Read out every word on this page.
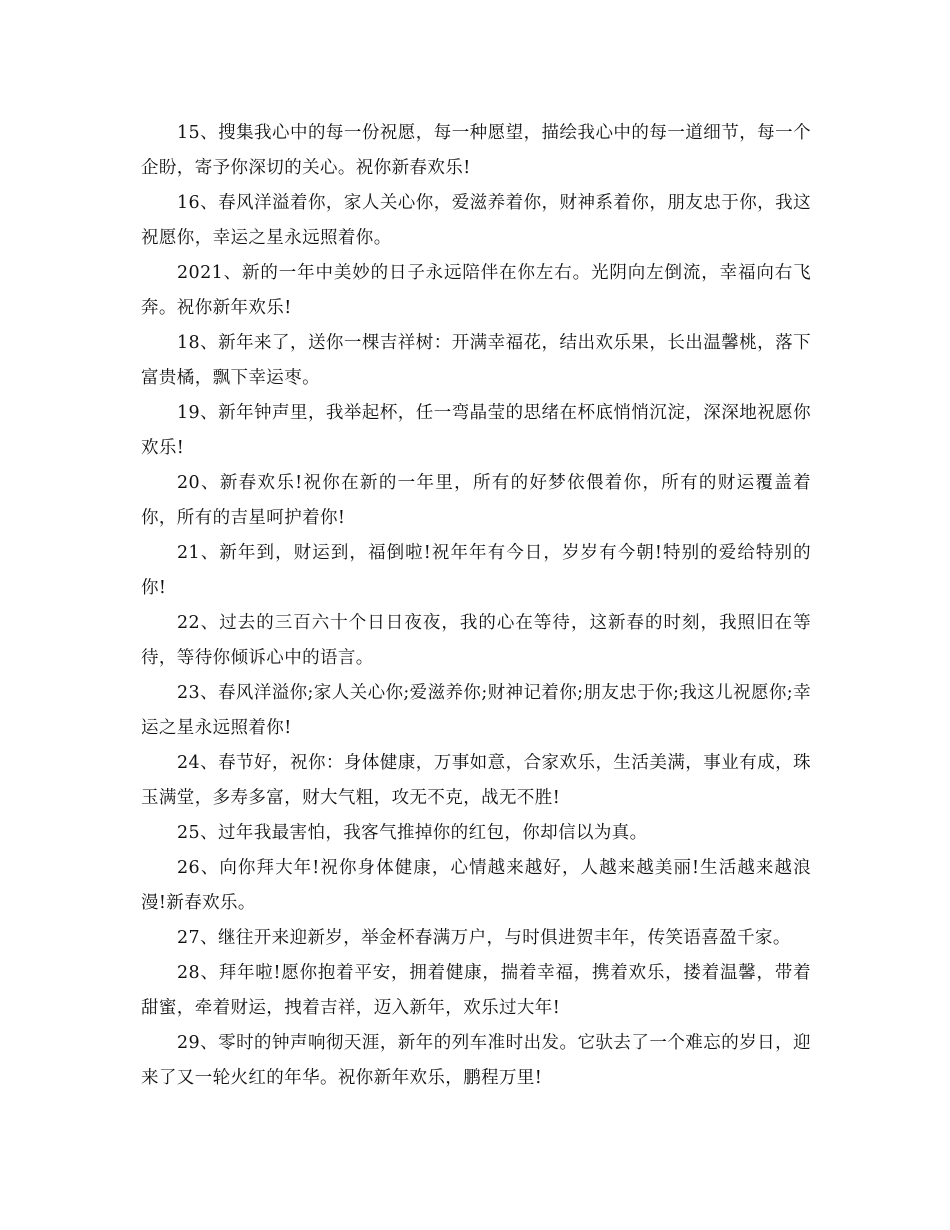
15、搜集我心中的每一份祝愿，每一种愿望，描绘我心中的每一道细节，每一个企盼，寄予你深切的关心。祝你新春欢乐!

16、春风洋溢着你，家人关心你，爱滋养着你，财神系着你，朋友忠于你，我这祝愿你，幸运之星永远照着你。

2021、新的一年中美妙的日子永远陪伴在你左右。光阴向左倒流，幸福向右飞奔。祝你新年欢乐!

18、新年来了，送你一棵吉祥树：开满幸福花，结出欢乐果，长出温馨桃，落下富贵橘，飘下幸运枣。

19、新年钟声里，我举起杯，任一弯晶莹的思绪在杯底悄悄沉淀，深深地祝愿你欢乐!

20、新春欢乐!祝你在新的一年里，所有的好梦依偎着你，所有的财运覆盖着你，所有的吉星呵护着你!

21、新年到，财运到，福倒啦!祝年年有今日，岁岁有今朝!特别的爱给特别的你!

22、过去的三百六十个日日夜夜，我的心在等待，这新春的时刻，我照旧在等待，等待你倾诉心中的语言。

23、春风洋溢你;家人关心你;爱滋养你;财神记着你;朋友忠于你;我这儿祝愿你;幸运之星永远照着你!

24、春节好，祝你：身体健康，万事如意，合家欢乐，生活美满，事业有成，珠玉满堂，多寿多富，财大气粗，攻无不克，战无不胜!

25、过年我最害怕，我客气推掉你的红包，你却信以为真。

26、向你拜大年!祝你身体健康，心情越来越好，人越来越美丽!生活越来越浪漫!新春欢乐。

27、继往开来迎新岁，举金杯春满万户，与时俱进贺丰年，传笑语喜盈千家。

28、拜年啦!愿你抱着平安，拥着健康，揣着幸福，携着欢乐，搂着温馨，带着甜蜜，牵着财运，拽着吉祥，迈入新年，欢乐过大年!

29、零时的钟声响彻天涯，新年的列车准时出发。它驮去了一个难忘的岁日，迎来了又一轮火红的年华。祝你新年欢乐，鹏程万里!
